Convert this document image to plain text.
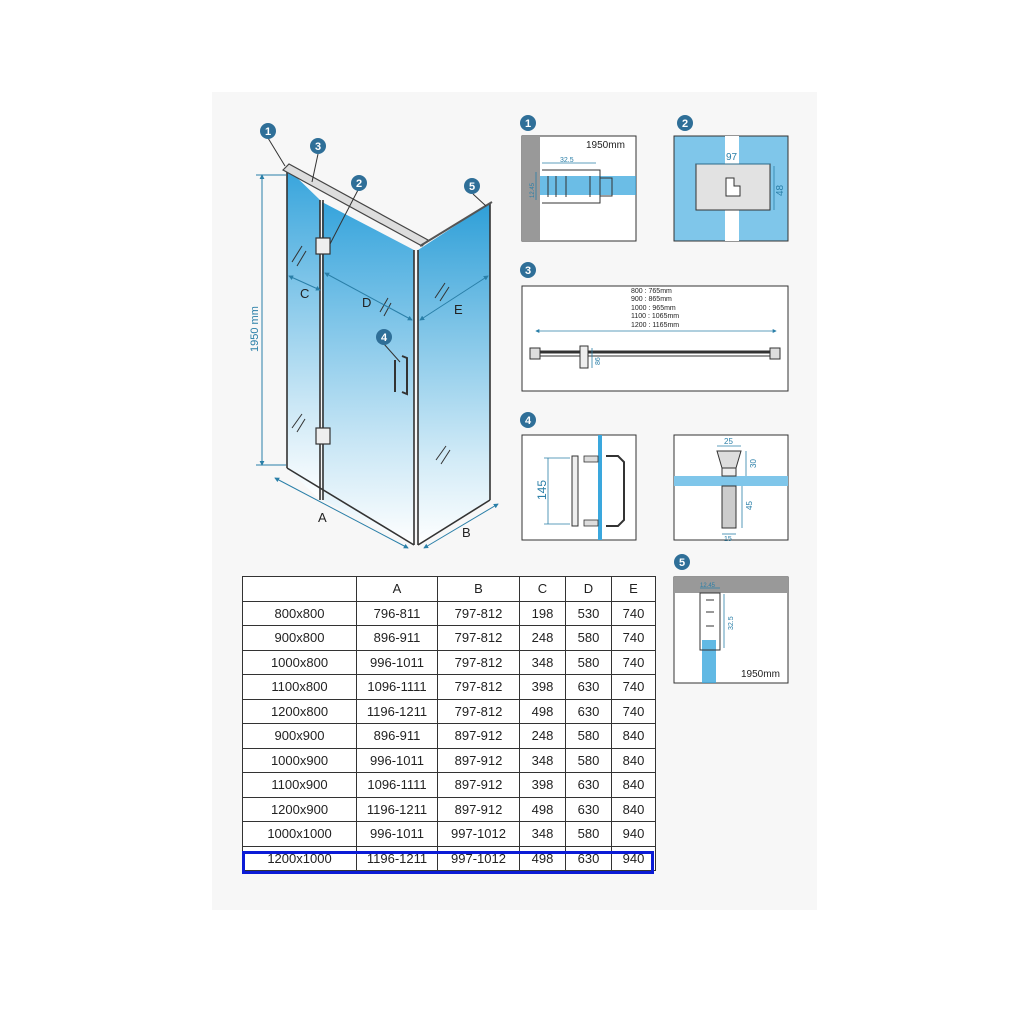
1950 mm
C
D	E
A
B
1
3
2
4
5
1
32.5
12.45
1950mm
2
97
48
3
86
800 : 765mm
900 : 865mm
1000 : 965mm
1100 : 1065mm
1200 : 1165mm
4
145
25
30
45
15
5
12.45
32.5
1950mm
	A	B	C	D	E
800x800	796-811	797-812	198	530	740
900x800	896-911	797-812	248	580	740
1000x800	996-1011	797-812	348	580	740
1100x800	1096-1111	797-812	398	630	740
1200x800	1196-1211	797-812	498	630	740
900x900	896-911	897-912	248	580	840
1000x900	996-1011	897-912	348	580	840
1100x900	1096-1111	897-912	398	630	840
1200x900	1196-1211	897-912	498	630	840
1000x1000	996-1011	997-1012	348	580	940
1200x1000	1196-1211	997-1012	498	630	940
